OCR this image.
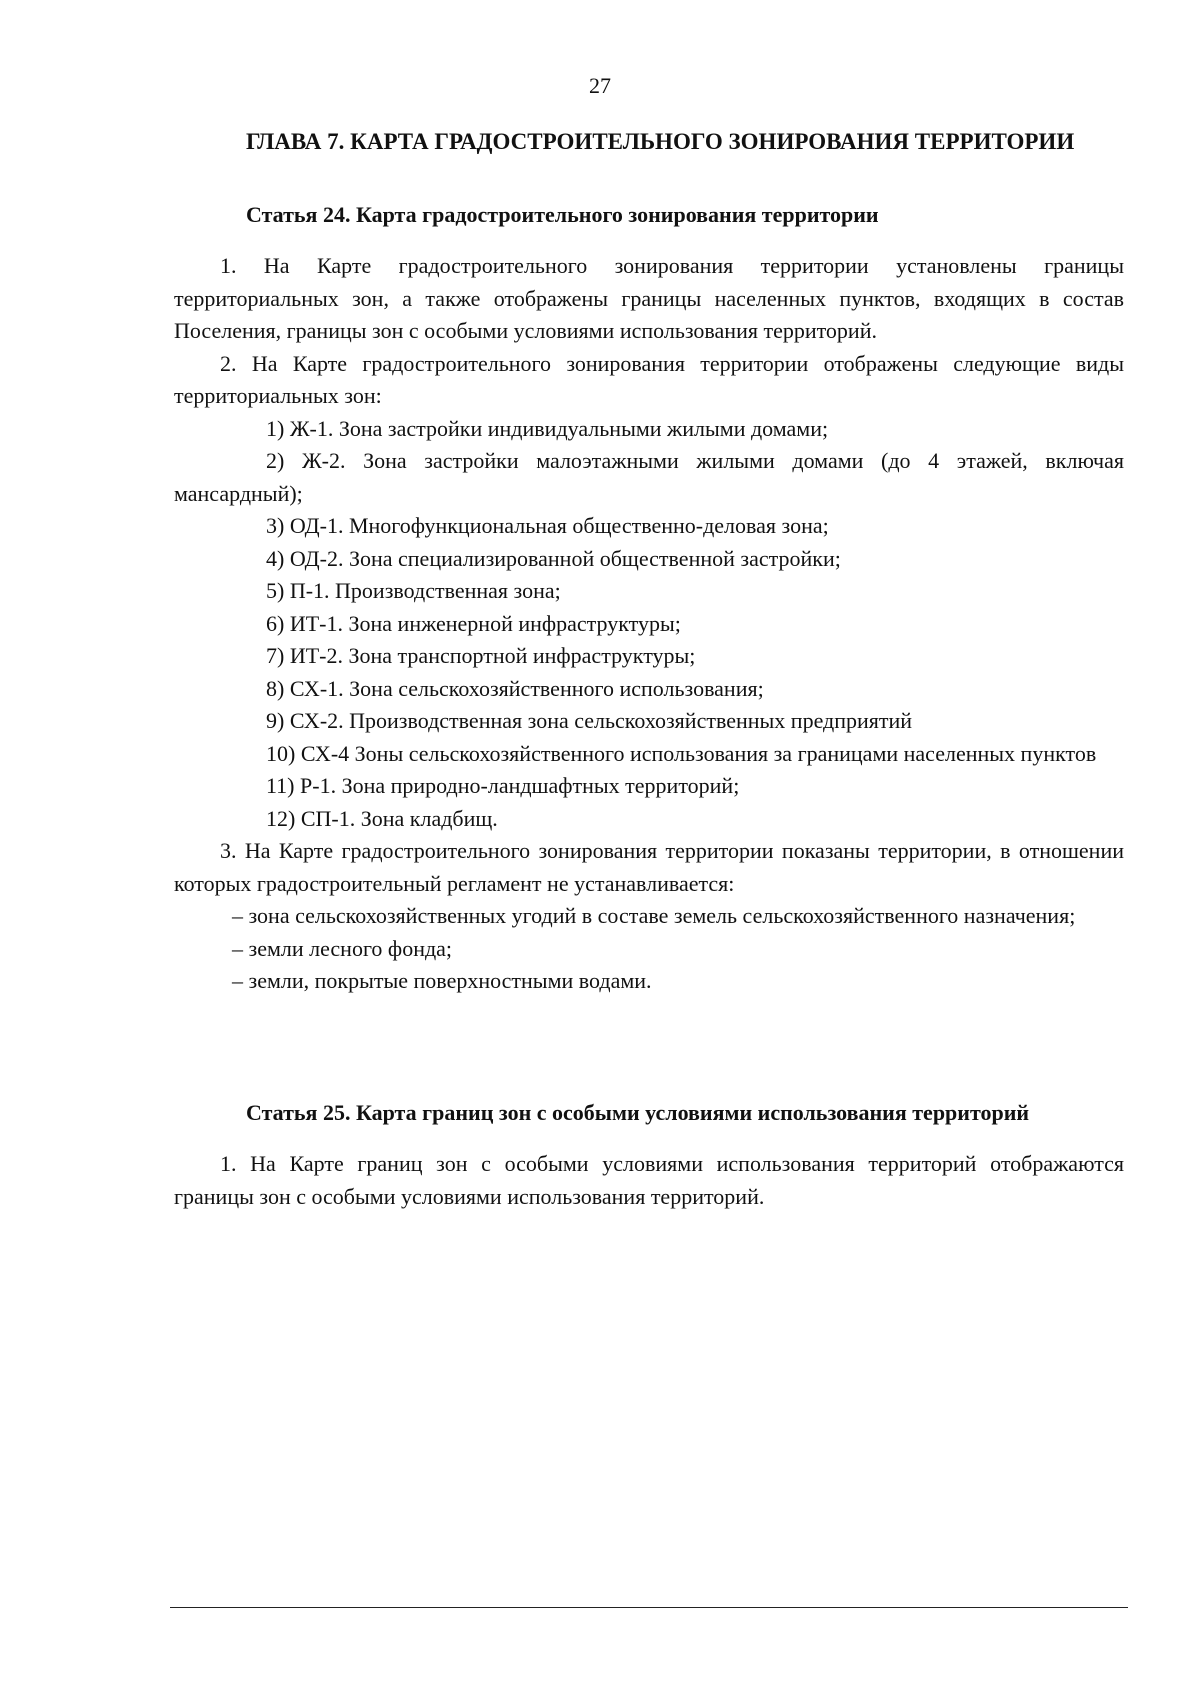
27
ГЛАВА 7. КАРТА ГРАДОСТРОИТЕЛЬНОГО ЗОНИРОВАНИЯ ТЕРРИТОРИИ
Статья 24. Карта градостроительного зонирования территории

1. На Карте градостроительного зонирования территории установлены границы территориальных зон, а также отображены границы населенных пунктов, входящих в состав Поселения, границы зон с особыми условиями использования территорий.

2. На Карте градостроительного зонирования территории отображены следующие виды территориальных зон:

1) Ж-1. Зона застройки индивидуальными жилыми домами;

2) Ж-2. Зона застройки малоэтажными жилыми домами (до 4 этажей, включая мансардный);

3) ОД-1. Многофункциональная общественно-деловая зона;

4) ОД-2. Зона специализированной общественной застройки;

5) П-1. Производственная зона;

6) ИТ-1. Зона инженерной инфраструктуры;

7) ИТ-2. Зона транспортной инфраструктуры;

8) СХ-1. Зона сельскохозяйственного использования;

9) СХ-2. Производственная зона сельскохозяйственных предприятий

10) СХ-4 Зоны сельскохозяйственного использования за границами населенных пунктов

11) Р-1. Зона природно-ландшафтных территорий;

12) СП-1. Зона кладбищ.

3. На Карте градостроительного зонирования территории показаны территории, в отношении которых градостроительный регламент не устанавливается:

– зона сельскохозяйственных угодий в составе земель сельскохозяйственного назначения;

– земли лесного фонда;

– земли, покрытые поверхностными водами.

Статья 25. Карта границ зон с особыми условиями использования территорий

1. На Карте границ зон с особыми условиями использования территорий отображаются границы зон с особыми условиями использования территорий.
